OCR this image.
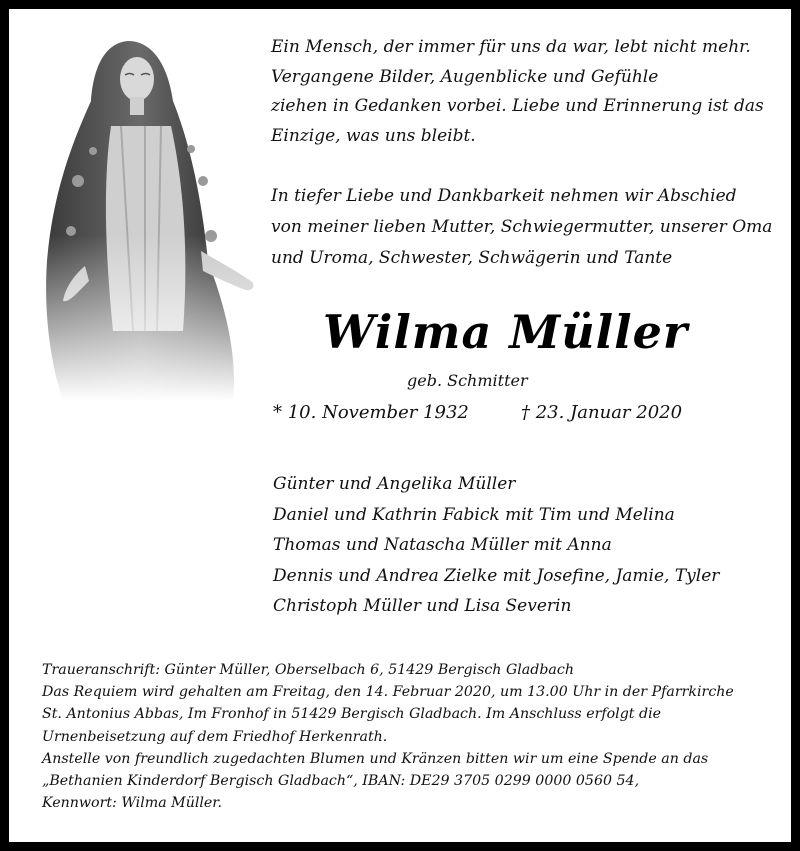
Ein Mensch, der immer für uns da war, lebt nicht mehr.
Vergangene Bilder, Augenblicke und Gefühle
ziehen in Gedanken vorbei. Liebe und Erinnerung ist das
Einzige, was uns bleibt.
In tiefer Liebe und Dankbarkeit nehmen wir Abschied
von meiner lieben Mutter, Schwiegermutter, unserer Oma
und Uroma, Schwester, Schwägerin und Tante
Wilma Müller
geb. Schmitter
* 10. November 1932	† 23. Januar 2020
Günter und Angelika Müller
Daniel und Kathrin Fabick mit Tim und Melina
Thomas und Natascha Müller mit Anna
Dennis und Andrea Zielke mit Josefine, Jamie, Tyler
Christoph Müller und Lisa Severin
Traueranschrift: Günter Müller, Oberselbach 6, 51429 Bergisch Gladbach
Das Requiem wird gehalten am Freitag, den 14. Februar 2020, um 13.00 Uhr in der Pfarrkirche
St. Antonius Abbas, Im Fronhof in 51429 Bergisch Gladbach. Im Anschluss erfolgt die
Urnenbeisetzung auf dem Friedhof Herkenrath.
Anstelle von freundlich zugedachten Blumen und Kränzen bitten wir um eine Spende an das
„Bethanien Kinderdorf Bergisch Gladbach“, IBAN: DE29 3705 0299 0000 0560 54,
Kennwort: Wilma Müller.
